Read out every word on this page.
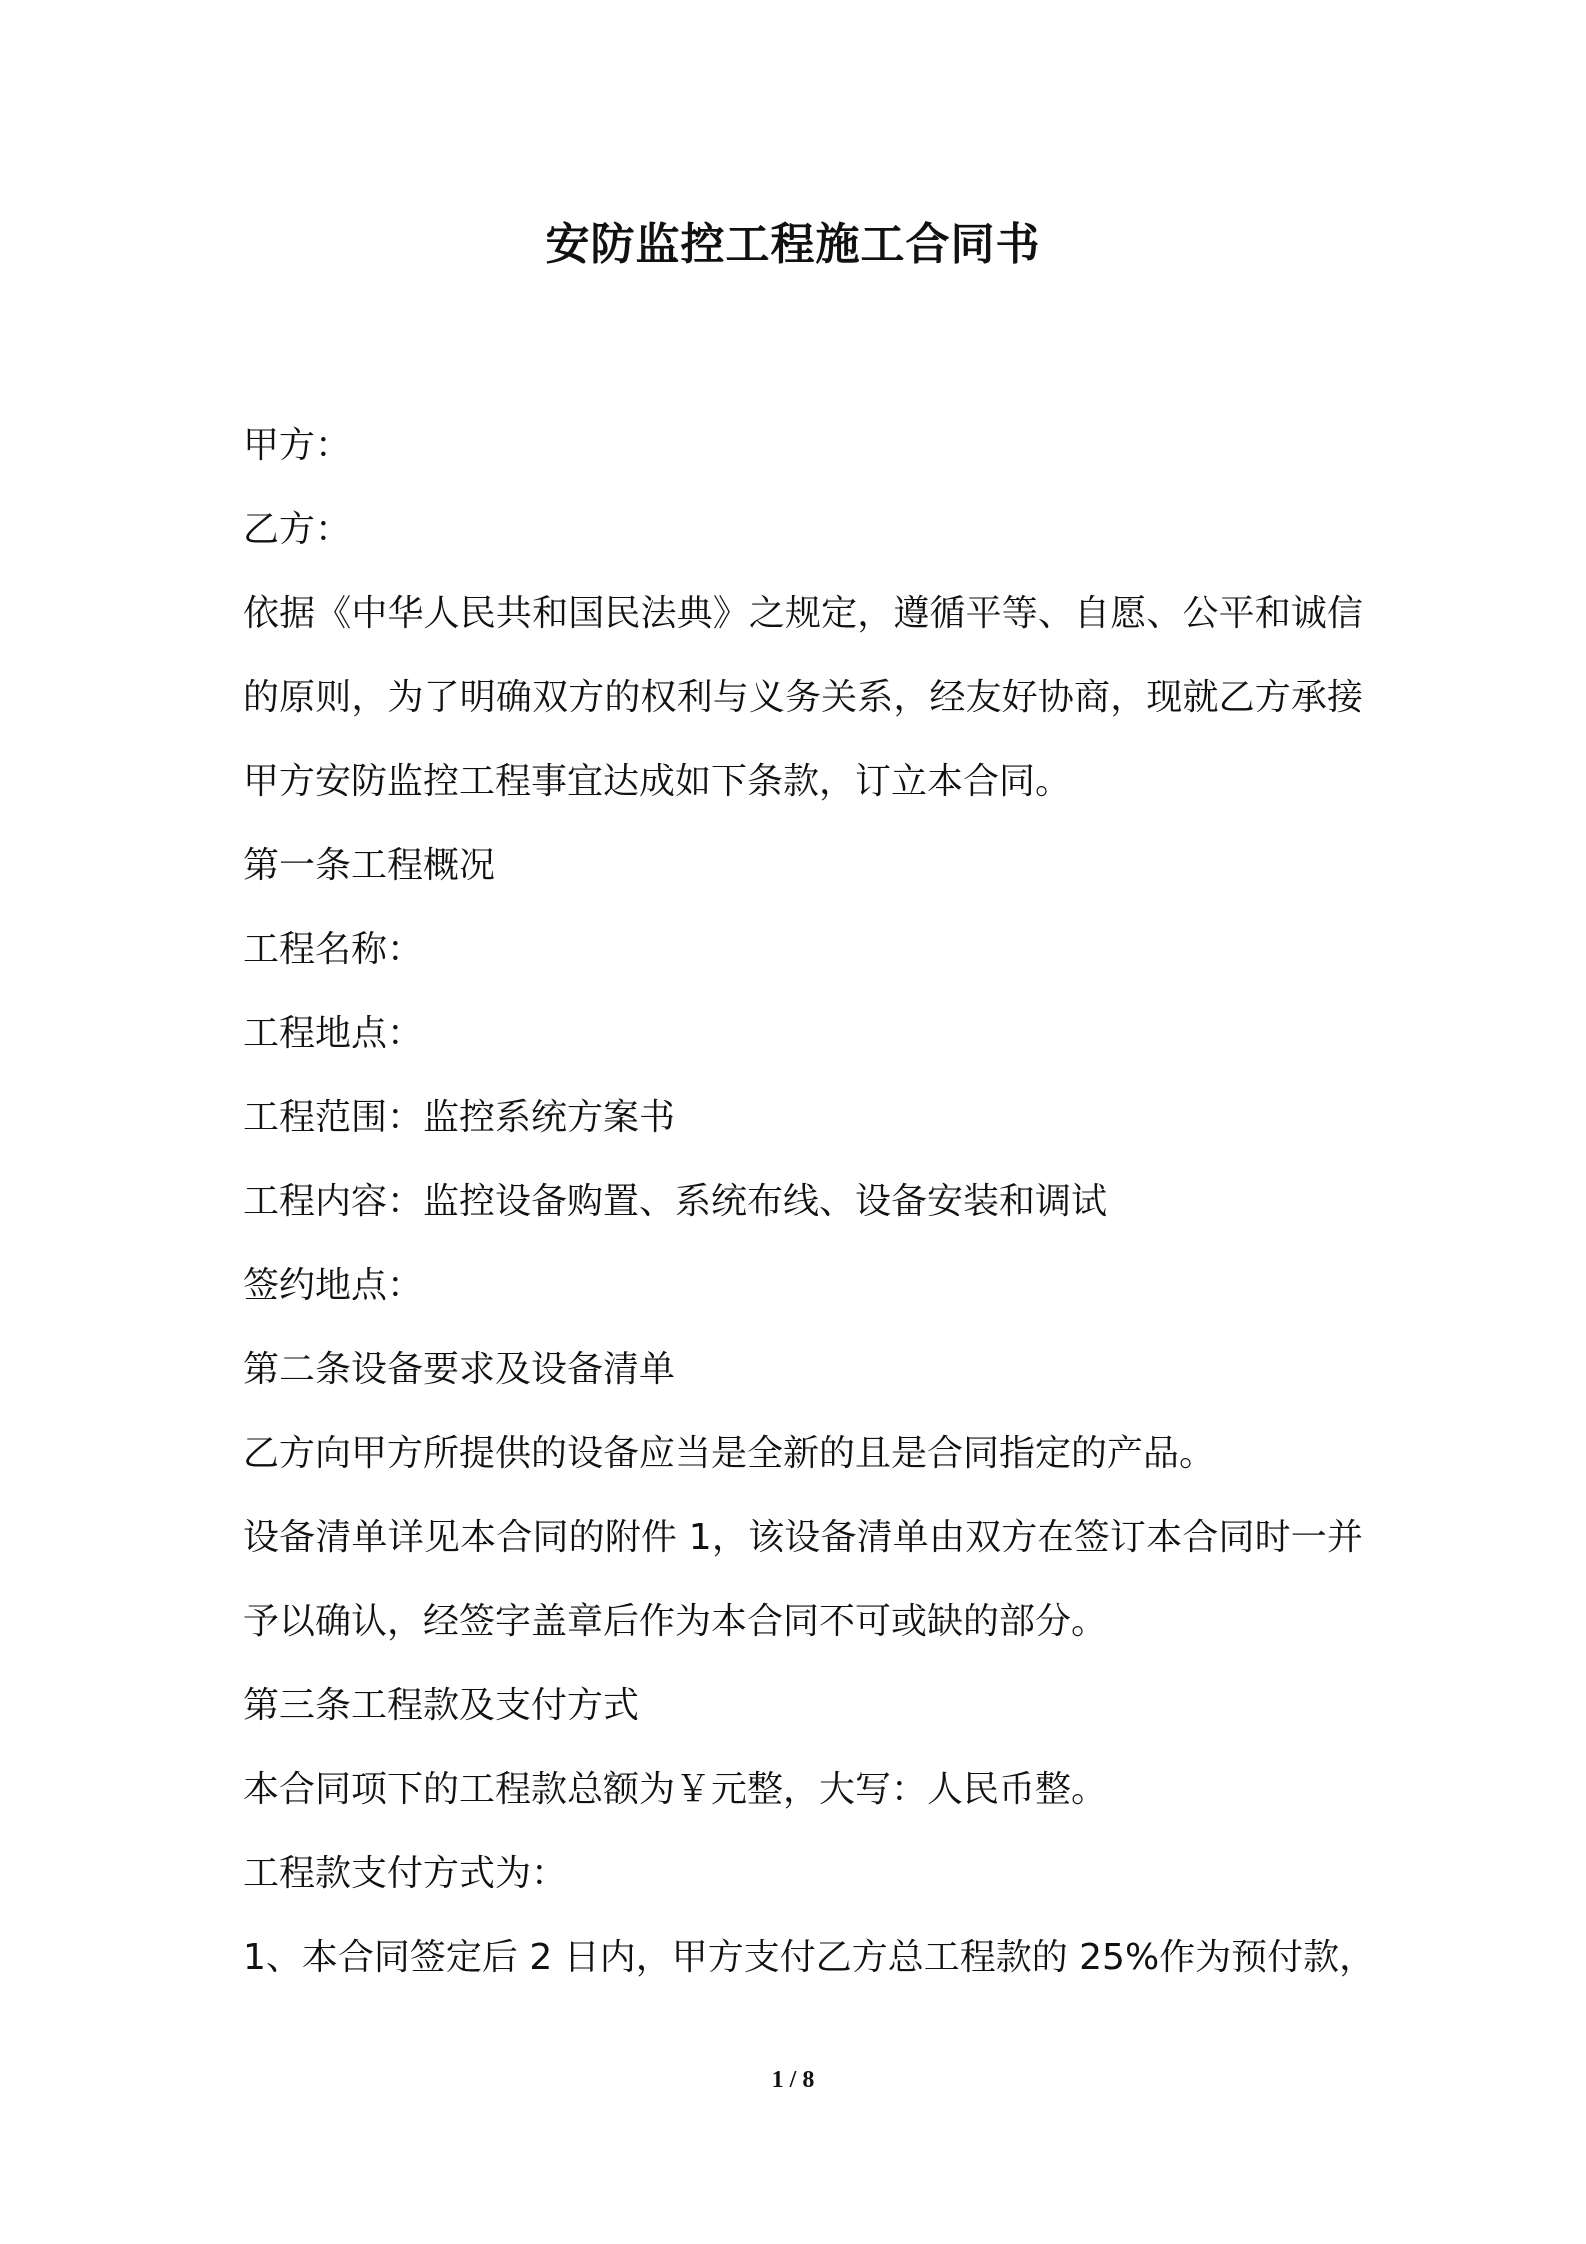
安防监控工程施工合同书

甲方：

乙方：

依据《中华人民共和国民法典》之规定，遵循平等、自愿、公平和诚信的原则，为了明确双方的权利与义务关系，经友好协商，现就乙方承接甲方安防监控工程事宜达成如下条款，订立本合同。

第一条工程概况

工程名称：

工程地点：

工程范围：监控系统方案书

工程内容：监控设备购置、系统布线、设备安装和调试

签约地点：

第二条设备要求及设备清单

乙方向甲方所提供的设备应当是全新的且是合同指定的产品。

设备清单详见本合同的附件 1，该设备清单由双方在签订本合同时一并予以确认，经签字盖章后作为本合同不可或缺的部分。

第三条工程款及支付方式

本合同项下的工程款总额为￥元整，大写：人民币整。

工程款支付方式为：

1、本合同签定后 2 日内，甲方支付乙方总工程款的 25%作为预付款，

1 / 8
